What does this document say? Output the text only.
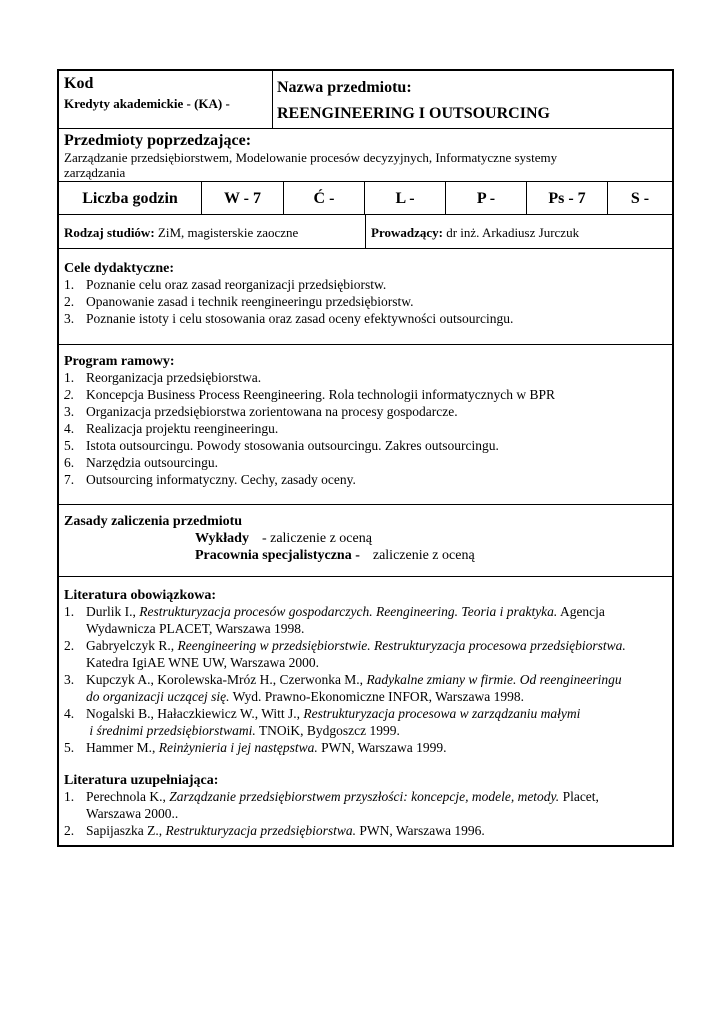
Kod
Kredyty akademickie - (KA) -
Nazwa przedmiotu:
REENGINEERING I OUTSOURCING
Przedmioty poprzedzające:
Zarządzanie przedsiębiorstwem, Modelowanie procesów decyzyjnych, Informatyczne systemy
zarządzania
Liczba godzin	W - 7	Ć -	L -	P -	Ps - 7	S -
Rodzaj studiów: ZiM, magisterskie zaoczne	Prowadzący: dr inż. Arkadiusz Jurczuk
Cele dydaktyczne:
1. Poznanie celu oraz zasad reorganizacji przedsiębiorstw.
2. Opanowanie zasad i technik reengineeringu przedsiębiorstw.
3. Poznanie istoty i celu stosowania oraz zasad oceny efektywności outsourcingu.
Program ramowy:
1. Reorganizacja przedsiębiorstwa.
2. Koncepcja Business Process Reengineering. Rola technologii informatycznych w BPR
3. Organizacja przedsiębiorstwa zorientowana na procesy gospodarcze.
4. Realizacja projektu reengineeringu.
5. Istota outsourcingu. Powody stosowania outsourcingu. Zakres outsourcingu.
6. Narzędzia outsourcingu.
7. Outsourcing informatyczny. Cechy, zasady oceny.
Zasady zaliczenia przedmiotu
Wykłady - zaliczenie z oceną
Pracownia specjalistyczna - zaliczenie z oceną
Literatura obowiązkowa:
1. Durlik I., Restrukturyzacja procesów gospodarczych. Reengineering. Teoria i praktyka. Agencja
Wydawnicza PLACET, Warszawa 1998.
2. Gabryelczyk R., Reengineering w przedsiębiorstwie. Restrukturyzacja procesowa przedsiębiorstwa.
Katedra IgiAE WNE UW, Warszawa 2000.
3. Kupczyk A., Korolewska-Mróz H., Czerwonka M., Radykalne zmiany w firmie. Od reengineeringu
do organizacji uczącej się. Wyd. Prawno-Ekonomiczne INFOR, Warszawa 1998.
4. Nogalski B., Hałaczkiewicz W., Witt J., Restrukturyzacja procesowa w zarządzaniu małymi
i średnimi przedsiębiorstwami. TNOiK, Bydgoszcz 1999.
5. Hammer M., Reinżynieria i jej następstwa. PWN, Warszawa 1999.
Literatura uzupełniająca:
1. Perechnola K., Zarządzanie przedsiębiorstwem przyszłości: koncepcje, modele, metody. Placet,
Warszawa 2000..
2. Sapijaszka Z., Restrukturyzacja przedsiębiorstwa. PWN, Warszawa 1996.
